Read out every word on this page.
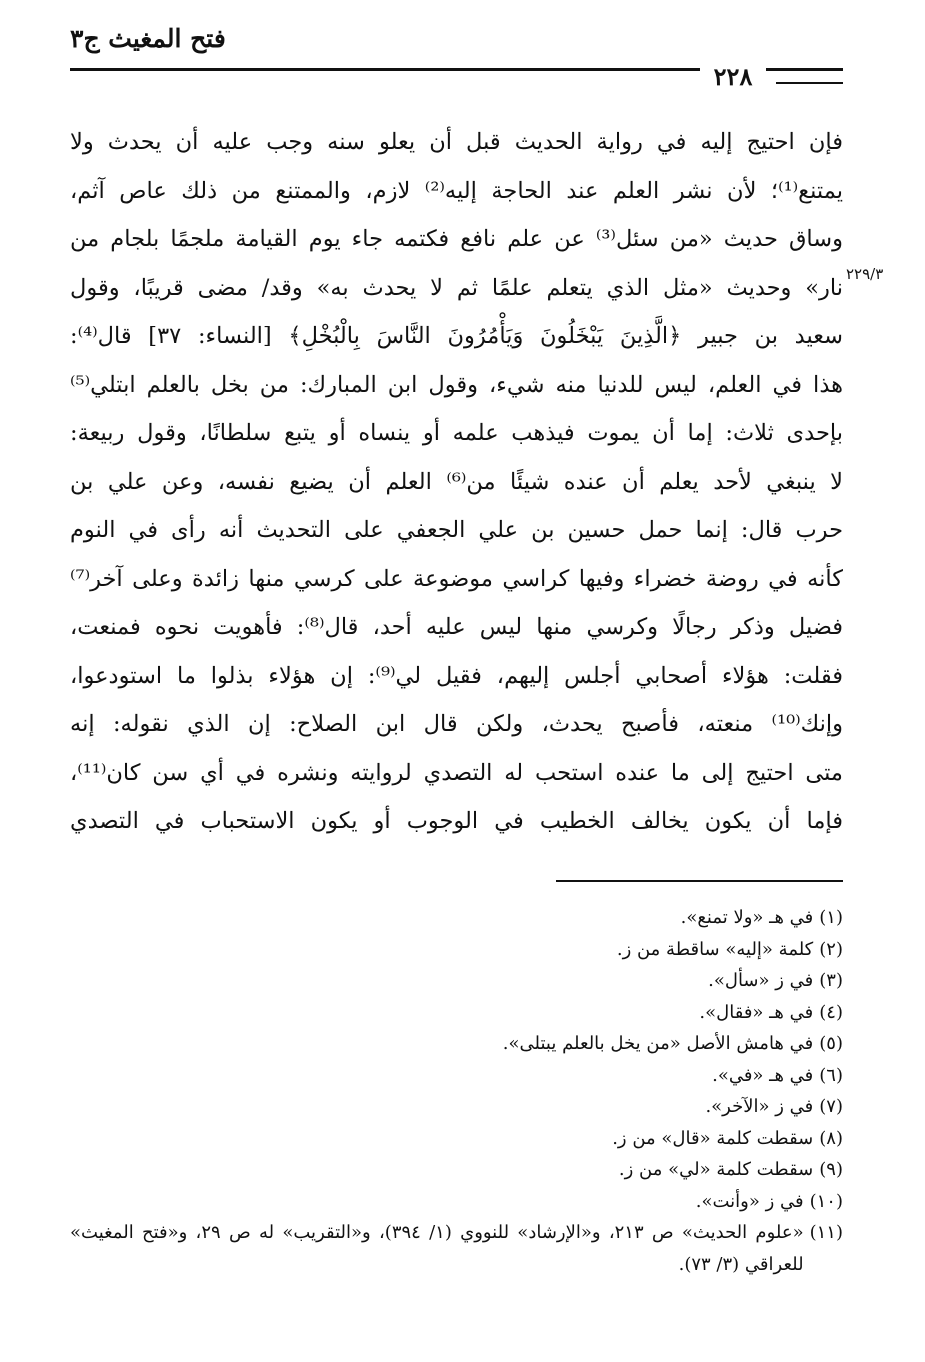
فتح المغيث ج٣
٢٢٨
٢٢٩/٣
فإن احتيج إليه في رواية الحديث قبل أن يعلو سنه وجب عليه أن يحدث ولا
يمتنع⁽¹⁾؛ لأن نشر العلم عند الحاجة إليه⁽²⁾ لازم، والممتنع من ذلك عاص آثم،
وساق حديث «من سئل⁽³⁾ عن علم نافع فكتمه جاء يوم القيامة ملجمًا بلجام من
نار» وحديث «مثل الذي يتعلم علمًا ثم لا يحدث به» وقد/ مضى قريبًا، وقول
سعيد بن جبير ﴿الَّذِينَ يَبْخَلُونَ وَيَأْمُرُونَ النَّاسَ بِالْبُخْلِ﴾ [النساء: ٣٧] قال⁽⁴⁾:
هذا في العلم، ليس للدنيا منه شيء، وقول ابن المبارك: من بخل بالعلم ابتلي⁽⁵⁾
بإحدى ثلاث: إما أن يموت فيذهب علمه أو ينساه أو يتبع سلطانًا، وقول ربيعة:
لا ينبغي لأحد يعلم أن عنده شيئًا من⁽⁶⁾ العلم أن يضيع نفسه، وعن علي بن
حرب قال: إنما حمل حسين بن علي الجعفي على التحديث أنه رأى في النوم
كأنه في روضة خضراء وفيها كراسي موضوعة على كرسي منها زائدة وعلى آخر⁽⁷⁾
فضيل وذكر رجالًا وكرسي منها ليس عليه أحد، قال⁽⁸⁾: فأهويت نحوه فمنعت،
فقلت: هؤلاء أصحابي أجلس إليهم، فقيل لي⁽⁹⁾: إن هؤلاء بذلوا ما استودعوا،
وإنك⁽¹⁰⁾ منعته، فأصبح يحدث، ولكن قال ابن الصلاح: إن الذي نقوله: إنه
متى احتيج إلى ما عنده استحب له التصدي لروايته ونشره في أي سن كان⁽¹¹⁾،
فإما أن يكون يخالف الخطيب في الوجوب أو يكون الاستحباب في التصدي
(١)
في هـ «ولا تمنع».
(٢)
كلمة «إليه» ساقطة من ز.
(٣)
في ز «سأل».
(٤)
في هـ «فقال».
(٥)
في هامش الأصل «من يخل بالعلم يبتلى».
(٦)
في هـ «في».
(٧)
في ز «الآخر».
(٨)
سقطت كلمة «قال» من ز.
(٩)
سقطت كلمة «لي» من ز.
(١٠)
في ز «وأنت».
(١١)
«علوم الحديث» ص ٢١٣، و«الإرشاد» للنووي (١/ ٣٩٤)، و«التقريب» له ص ٢٩، و«فتح المغيث» للعراقي (٣/ ٧٣).
